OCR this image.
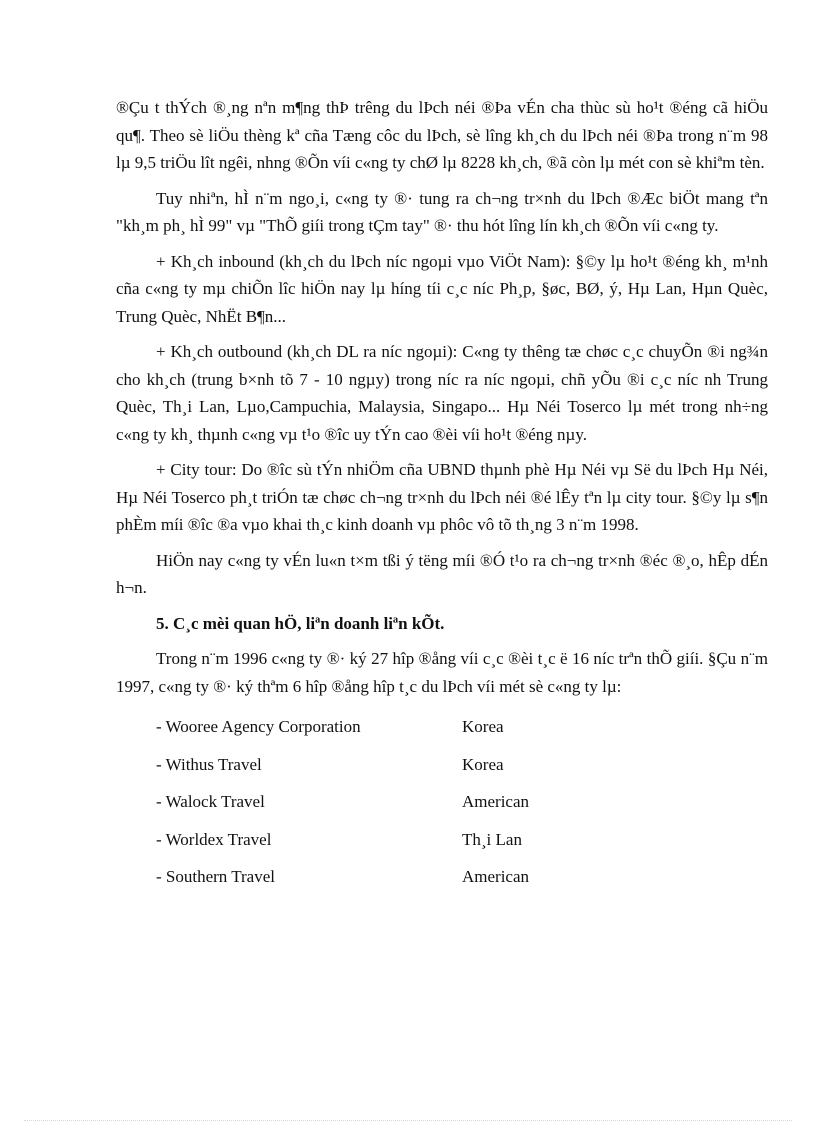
®Çu t thÝch ®¸ng nªn m¶ng thÞ trêng du lÞch néi ®Þa vÉn cha thùc sù ho¹t ®éng cã hiÖu qu¶. Theo sè liÖu thèng kª cña Tæng côc du lÞch, sè lîng kh¸ch du lÞch néi ®Þa trong n¨m 98 lµ 9,5 triÖu lît ngêi, nhng ®Õn víi c«ng ty chØ lµ 8228 kh¸ch, ®ã còn lµ mét con sè khiªm tèn.

Tuy nhiªn, hÌ n¨m ngo¸i, c«ng ty ®· tung ra ch¬ng tr×nh du lÞch ®Æc biÖt mang tªn "kh¸m ph¸ hÌ 99" vµ "ThÕ giíi trong tÇm tay" ®· thu hót lîng lín kh¸ch ®Õn víi c«ng ty.

+ Kh¸ch inbound (kh¸ch du lÞch níc ngoµi vµo ViÖt Nam): §©y lµ ho¹t ®éng kh¸ m¹nh cña c«ng ty mµ chiÕn lîc hiÖn nay lµ híng tíi c¸c níc Ph¸p, §øc, BØ, ý, Hµ Lan, Hµn Quèc, Trung Quèc, NhËt B¶n...

+ Kh¸ch outbound (kh¸ch DL ra níc ngoµi): C«ng ty thêng tæ chøc c¸c chuyÕn ®i ng¾n cho kh¸ch (trung b×nh tõ 7 - 10 ngµy) trong níc ra níc ngoµi, chñ yÕu ®i c¸c níc nh Trung Quèc, Th¸i Lan, Lµo,Campuchia, Malaysia, Singapo... Hµ Néi Toserco lµ mét trong nh÷ng c«ng ty kh¸ thµnh c«ng vµ t¹o ®îc uy tÝn cao ®èi víi ho¹t ®éng nµy.

+ City tour: Do ®îc sù tÝn nhiÖm cña UBND thµnh phè Hµ Néi vµ Së du lÞch Hµ Néi, Hµ Néi Toserco ph¸t triÓn tæ chøc ch¬ng tr×nh du lÞch néi ®é lÊy tªn lµ city tour. §©y lµ s¶n phÈm míi ®îc ®a vµo khai th¸c kinh doanh vµ phôc vô tõ th¸ng 3 n¨m 1998.

HiÖn nay c«ng ty vÉn lu«n t×m tßi ý tëng míi ®Ó t¹o ra ch¬ng tr×nh ®éc ®¸o, hÊp dÉn h¬n.

5. C¸c mèi quan hÖ, liªn doanh liªn kÕt.

Trong n¨m 1996 c«ng ty ®· ký 27 hîp ®ång víi c¸c ®èi t¸c ë 16 níc trªn thÕ giíi. §Çu n¨m 1997, c«ng ty ®· ký thªm 6 hîp ®ång hîp t¸c du lÞch víi mét sè c«ng ty lµ:

- Wooree Agency Corporation	Korea
- Withus Travel	Korea
- Walock Travel	American
- Worldex Travel	Th¸i Lan
- Southern Travel	American
